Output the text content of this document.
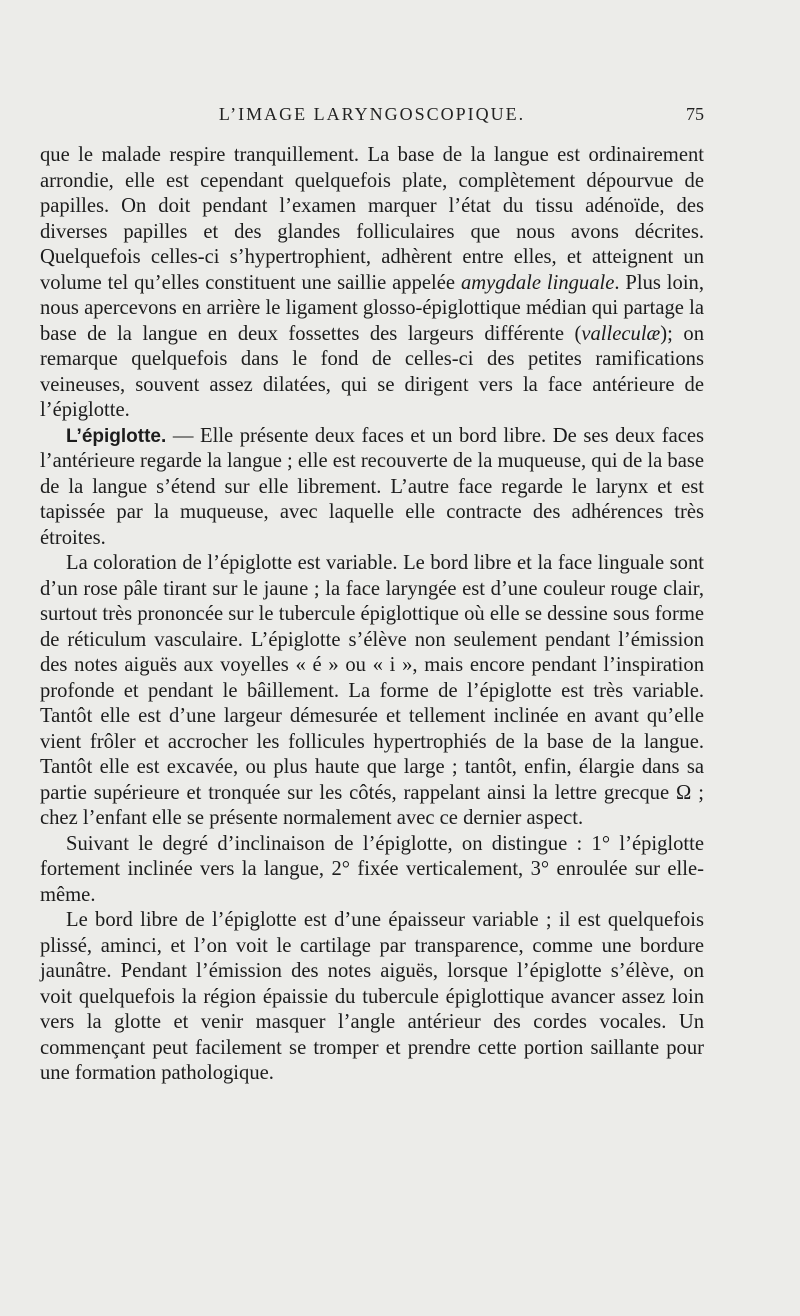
L’IMAGE LARYNGOSCOPIQUE.	75

que le malade respire tranquillement. La base de la langue est ordinairement arrondie, elle est cependant quelquefois plate, complètement dépourvue de papilles. On doit pendant l’examen marquer l’état du tissu adénoïde, des diverses papilles et des glandes folliculaires que nous avons décrites. Quelquefois celles-ci s’hypertrophient, adhèrent entre elles, et atteignent un volume tel qu’elles constituent une saillie appelée amygdale linguale. Plus loin, nous apercevons en arrière le ligament glosso-épiglottique médian qui partage la base de la langue en deux fossettes des largeurs différente (valleculæ); on remarque quelquefois dans le fond de celles-ci des petites ramifications veineuses, souvent assez dilatées, qui se dirigent vers la face antérieure de l’épiglotte.

L’épiglotte. — Elle présente deux faces et un bord libre. De ses deux faces l’antérieure regarde la langue ; elle est recouverte de la muqueuse, qui de la base de la langue s’étend sur elle librement. L’autre face regarde le larynx et est tapissée par la muqueuse, avec laquelle elle contracte des adhérences très étroites.

La coloration de l’épiglotte est variable. Le bord libre et la face linguale sont d’un rose pâle tirant sur le jaune ; la face laryngée est d’une couleur rouge clair, surtout très prononcée sur le tubercule épiglottique où elle se dessine sous forme de réticulum vasculaire. L’épiglotte s’élève non seulement pendant l’émission des notes aiguës aux voyelles « é » ou « i », mais encore pendant l’inspiration profonde et pendant le bâillement. La forme de l’épiglotte est très variable. Tantôt elle est d’une largeur démesurée et tellement inclinée en avant qu’elle vient frôler et accrocher les follicules hypertrophiés de la base de la langue. Tantôt elle est excavée, ou plus haute que large ; tantôt, enfin, élargie dans sa partie supérieure et tronquée sur les côtés, rappelant ainsi la lettre grecque Ω ; chez l’enfant elle se présente normalement avec ce dernier aspect.

Suivant le degré d’inclinaison de l’épiglotte, on distingue : 1° l’épiglotte fortement inclinée vers la langue, 2° fixée verticalement, 3° enroulée sur elle-même.

Le bord libre de l’épiglotte est d’une épaisseur variable ; il est quelquefois plissé, aminci, et l’on voit le cartilage par transparence, comme une bordure jaunâtre. Pendant l’émission des notes aiguës, lorsque l’épiglotte s’élève, on voit quelquefois la région épaissie du tubercule épiglottique avancer assez loin vers la glotte et venir masquer l’angle antérieur des cordes vocales. Un commençant peut facilement se tromper et prendre cette portion saillante pour une formation pathologique.
